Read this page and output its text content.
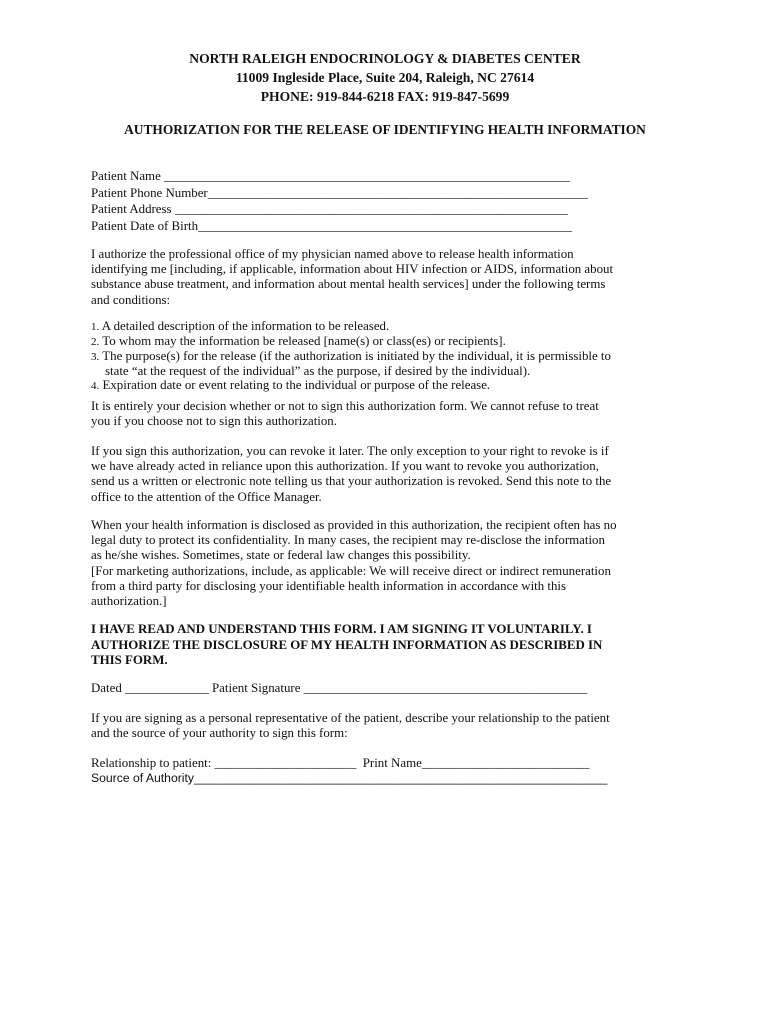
NORTH RALEIGH ENDOCRINOLOGY & DIABETES CENTER
11009 Ingleside Place, Suite 204, Raleigh, NC 27614
PHONE: 919-844-6218 FAX: 919-847-5699
AUTHORIZATION FOR THE RELEASE OF IDENTIFYING HEALTH INFORMATION
Patient Name _______________________________________________________________
Patient Phone Number___________________________________________________________
Patient Address _____________________________________________________________
Patient Date of Birth__________________________________________________________
I authorize the professional office of my physician named above to release health information
identifying me [including, if applicable, information about HIV infection or AIDS, information about
substance abuse treatment, and information about mental health services] under the following terms
and conditions:
1. A detailed description of the information to be released.
2. To whom may the information be released [name(s) or class(es) or recipients].
3. The purpose(s) for the release (if the authorization is initiated by the individual, it is permissible to
state “at the request of the individual” as the purpose, if desired by the individual).
4. Expiration date or event relating to the individual or purpose of the release.
It is entirely your decision whether or not to sign this authorization form. We cannot refuse to treat
you if you choose not to sign this authorization.
If you sign this authorization, you can revoke it later. The only exception to your right to revoke is if
we have already acted in reliance upon this authorization. If you want to revoke you authorization,
send us a written or electronic note telling us that your authorization is revoked. Send this note to the
office to the attention of the Office Manager.
When your health information is disclosed as provided in this authorization, the recipient often has no
legal duty to protect its confidentiality. In many cases, the recipient may re-disclose the information
as he/she wishes. Sometimes, state or federal law changes this possibility.
[For marketing authorizations, include, as applicable: We will receive direct or indirect remuneration
from a third party for disclosing your identifiable health information in accordance with this
authorization.]
I HAVE READ AND UNDERSTAND THIS FORM. I AM SIGNING IT VOLUNTARILY. I
AUTHORIZE THE DISCLOSURE OF MY HEALTH INFORMATION AS DESCRIBED IN
THIS FORM.
Dated _____________ Patient Signature ____________________________________________
If you are signing as a personal representative of the patient, describe your relationship to the patient
and the source of your authority to sign this form:
Relationship to patient: ______________________  Print Name__________________________
Source of Authority_____________________________________________________________
